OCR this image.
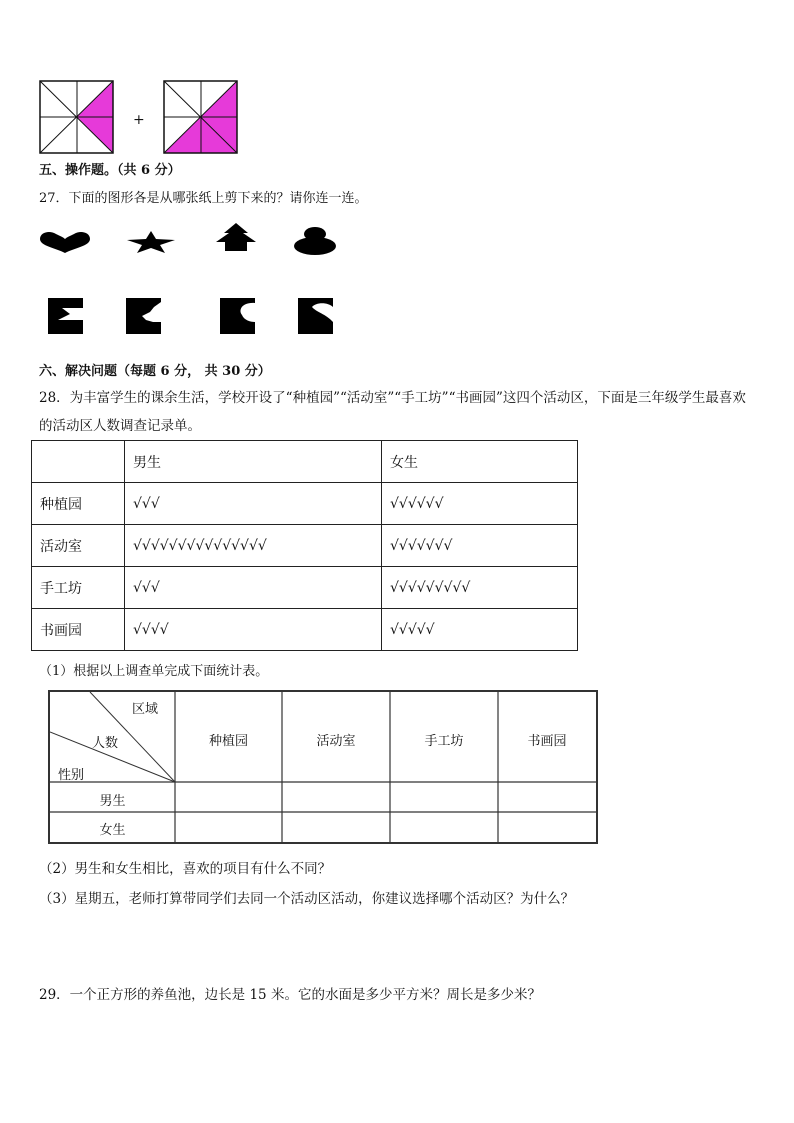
+
五、操作题。（共 6 分）
27．下面的图形各是从哪张纸上剪下来的？请你连一连。
六、解决问题（每题 6 分， 共 30 分）
28．为丰富学生的课余生活，学校开设了“种植园”“活动室”“手工坊”“书画园”这四个活动区，下面是三年级学生最喜欢
的活动区人数调查记录单。
	男生	女生
种植园	√√√	√√√√√√
活动室	√√√√√√√√√√√√√√√	√√√√√√√
手工坊	√√√	√√√√√√√√√
书画园	√√√√	√√√√√
（1）根据以上调查单完成下面统计表。
区域
人数
性别
种植园	活动室	手工坊	书画园
男生
女生
（2）男生和女生相比，喜欢的项目有什么不同？
（3）星期五，老师打算带同学们去同一个活动区活动，你建议选择哪个活动区？为什么？
29．一个正方形的养鱼池，边长是 15 米。它的水面是多少平方米？周长是多少米？
